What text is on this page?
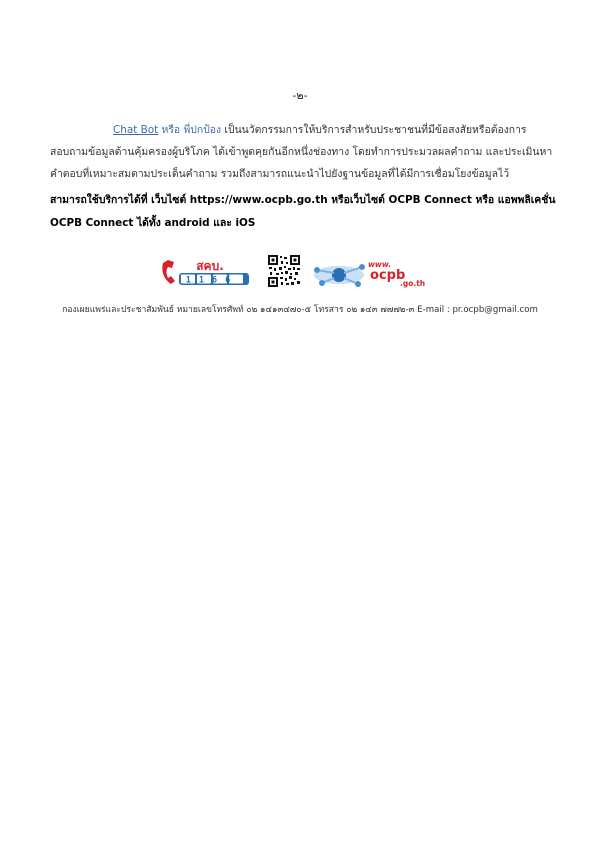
-๒-
Chat Bot หรือ พี่ปกป้อง เป็นนวัตกรรมการให้บริการสำหรับประชาชนที่มีข้อสงสัยหรือต้องการ
สอบถามข้อมูลด้านคุ้มครองผู้บริโภค ได้เข้าพูดคุยกันอีกหนึ่งช่องทาง โดยทำการประมวลผลคำถาม และประเมินหา
คำตอบที่เหมาะสมตามประเด็นคำถาม รวมถึงสามารถแนะนำไปยังฐานข้อมูลที่ได้มีการเชื่อมโยงข้อมูลไว้
สามารถใช้บริการได้ที่ เว็บไซต์ https://www.ocpb.go.th หรือเว็บไซต์ OCPB Connect หรือ แอพพลิเคชั่น
OCPB Connect ได้ทั้ง android และ iOS
สคบ.
1166
www.
ocpb
.go.th
กองเผยแพร่และประชาสัมพันธ์ หมายเลขโทรศัพท์ ๐๒ ๑๔๑๓๔๗๐-๕ โทรสาร ๐๒ ๑๔๓ ๗๗๗๒-๓ E-mail : pr.ocpb@gmail.com
